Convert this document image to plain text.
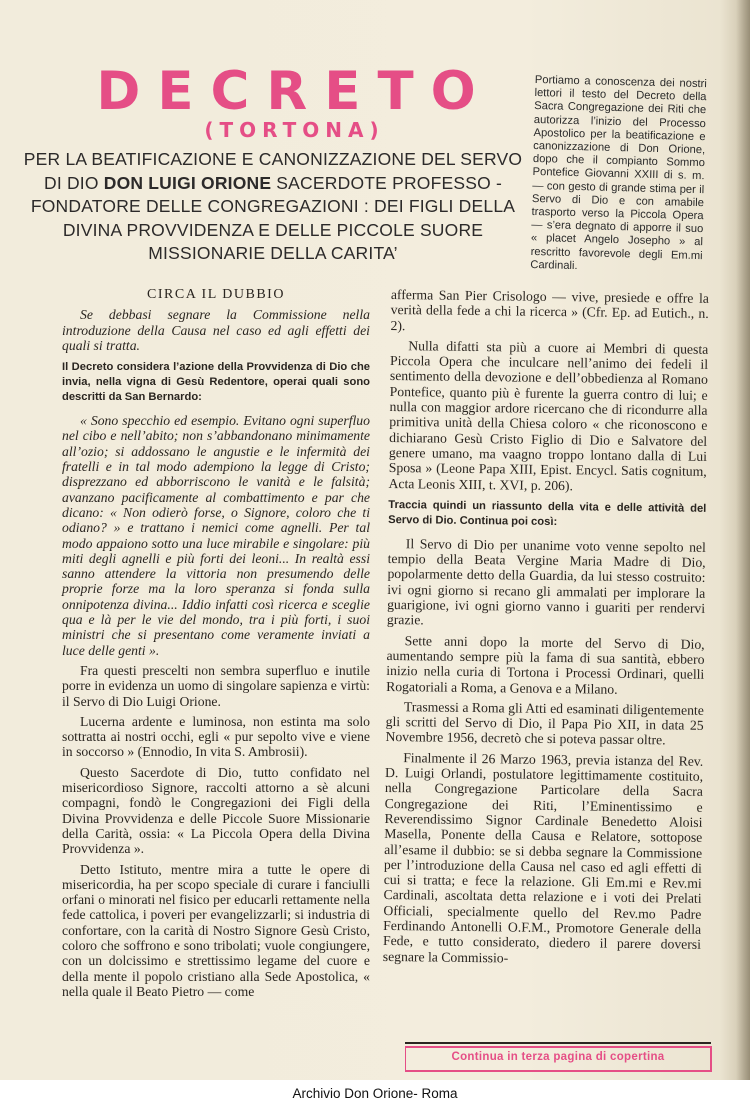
DECRETO
(TORTONA)
PER LA BEATIFICAZIONE E CANONIZZAZIONE DEL SERVO DI DIO DON LUIGI ORIONE SACERDOTE PROFESSO - FONDATORE DELLE CONGREGAZIONI : DEI FIGLI DELLA DIVINA PROVVIDENZA E DELLE PICCOLE SUORE MISSIONARIE DELLA CARITA’
Portiamo a conoscenza dei nostri lettori il testo del Decreto della Sacra Congregazione dei Riti che autorizza l’inizio del Processo Apostolico per la beatificazione e canonizzazione di Don Orione, dopo che il compianto Sommo Pontefice Giovanni XXIII di s. m. — con gesto di grande stima per il Servo di Dio e con amabile trasporto verso la Piccola Opera — s’era degnato di apporre il suo « placet Angelo Josepho » al rescritto favorevole degli Em.mi Cardinali.

CIRCA IL DUBBIO

Se debbasi segnare la Commissione nella introduzione della Causa nel caso ed agli effetti dei quali si tratta.

Il Decreto considera l’azione della Provvidenza di Dio che invia, nella vigna di Gesù Redentore, operai quali sono descritti da San Bernardo:

« Sono specchio ed esempio. Evitano ogni superfluo nel cibo e nell’abito; non s’abbandonano minimamente all’ozio; si addossano le angustie e le infermità dei fratelli e in tal modo adempiono la legge di Cristo; disprezzano ed abborriscono le vanità e le falsità; avanzano pacificamente al combattimento e par che dicano: « Non odierò forse, o Signore, coloro che ti odiano? » e trattano i nemici come agnelli. Per tal modo appaiono sotto una luce mirabile e singolare: più miti degli agnelli e più forti dei leoni... In realtà essi sanno attendere la vittoria non presumendo delle proprie forze ma la loro speranza si fonda sulla onnipotenza divina... Iddio infatti così ricerca e sceglie qua e là per le vie del mondo, tra i più forti, i suoi ministri che si presentano come veramente inviati a luce delle genti ».

Fra questi prescelti non sembra superfluo e inutile porre in evidenza un uomo di singolare sapienza e virtù: il Servo di Dio Luigi Orione.

Lucerna ardente e luminosa, non estinta ma solo sottratta ai nostri occhi, egli « pur sepolto vive e viene in soccorso » (Ennodio, In vita S. Ambrosii).

Questo Sacerdote di Dio, tutto confidato nel misericordioso Signore, raccolti attorno a sè alcuni compagni, fondò le Congregazioni dei Figli della Divina Provvidenza e delle Piccole Suore Missionarie della Carità, ossia: « La Piccola Opera della Divina Provvidenza ».

Detto Istituto, mentre mira a tutte le opere di misericordia, ha per scopo speciale di curare i fanciulli orfani o minorati nel fisico per educarli rettamente nella fede cattolica, i poveri per evangelizzarli; si industria di confortare, con la carità di Nostro Signore Gesù Cristo, coloro che soffrono e sono tribolati; vuole congiungere, con un dolcissimo e strettissimo legame del cuore e della mente il popolo cristiano alla Sede Apostolica, « nella quale il Beato Pietro — come

afferma San Pier Crisologo — vive, presiede e offre la verità della fede a chi la ricerca » (Cfr. Ep. ad Eutich., n. 2).

Nulla difatti sta più a cuore ai Membri di questa Piccola Opera che inculcare nell’animo dei fedeli il sentimento della devozione e dell’obbedienza al Romano Pontefice, quanto più è furente la guerra contro di lui; e nulla con maggior ardore ricercano che di ricondurre alla primitiva unità della Chiesa coloro « che riconoscono e dichiarano Gesù Cristo Figlio di Dio e Salvatore del genere umano, ma vaagno troppo lontano dalla di Lui Sposa » (Leone Papa XIII, Epist. Encycl. Satis cognitum, Acta Leonis XIII, t. XVI, p. 206).

Traccia quindi un riassunto della vita e delle attività del Servo di Dio. Continua poi così:

Il Servo di Dio per unanime voto venne sepolto nel tempio della Beata Vergine Maria Madre di Dio, popolarmente detto della Guardia, da lui stesso costruito: ivi ogni giorno si recano gli ammalati per implorare la guarigione, ivi ogni giorno vanno i guariti per rendervi grazie.

Sette anni dopo la morte del Servo di Dio, aumentando sempre più la fama di sua santità, ebbero inizio nella curia di Tortona i Processi Ordinari, quelli Rogatoriali a Roma, a Genova e a Milano.

Trasmessi a Roma gli Atti ed esaminati diligentemente gli scritti del Servo di Dio, il Papa Pio XII, in data 25 Novembre 1956, decretò che si poteva passar oltre.

Finalmente il 26 Marzo 1963, previa istanza del Rev. D. Luigi Orlandi, postulatore legittimamente costituito, nella Congregazione Particolare della Sacra Congregazione dei Riti, l’Eminentissimo e Reverendissimo Signor Cardinale Benedetto Aloisi Masella, Ponente della Causa e Relatore, sottopose all’esame il dubbio: se si debba segnare la Commissione per l’introduzione della Causa nel caso ed agli effetti di cui si tratta; e fece la relazione. Gli Em.mi e Rev.mi Cardinali, ascoltata detta relazione e i voti dei Prelati Officiali, specialmente quello del Rev.mo Padre Ferdinando Antonelli O.F.M., Promotore Generale della Fede, e tutto considerato, diedero il parere doversi segnare la Commissio-

Continua in terza pagina di copertina
Archivio Don Orione- Roma
